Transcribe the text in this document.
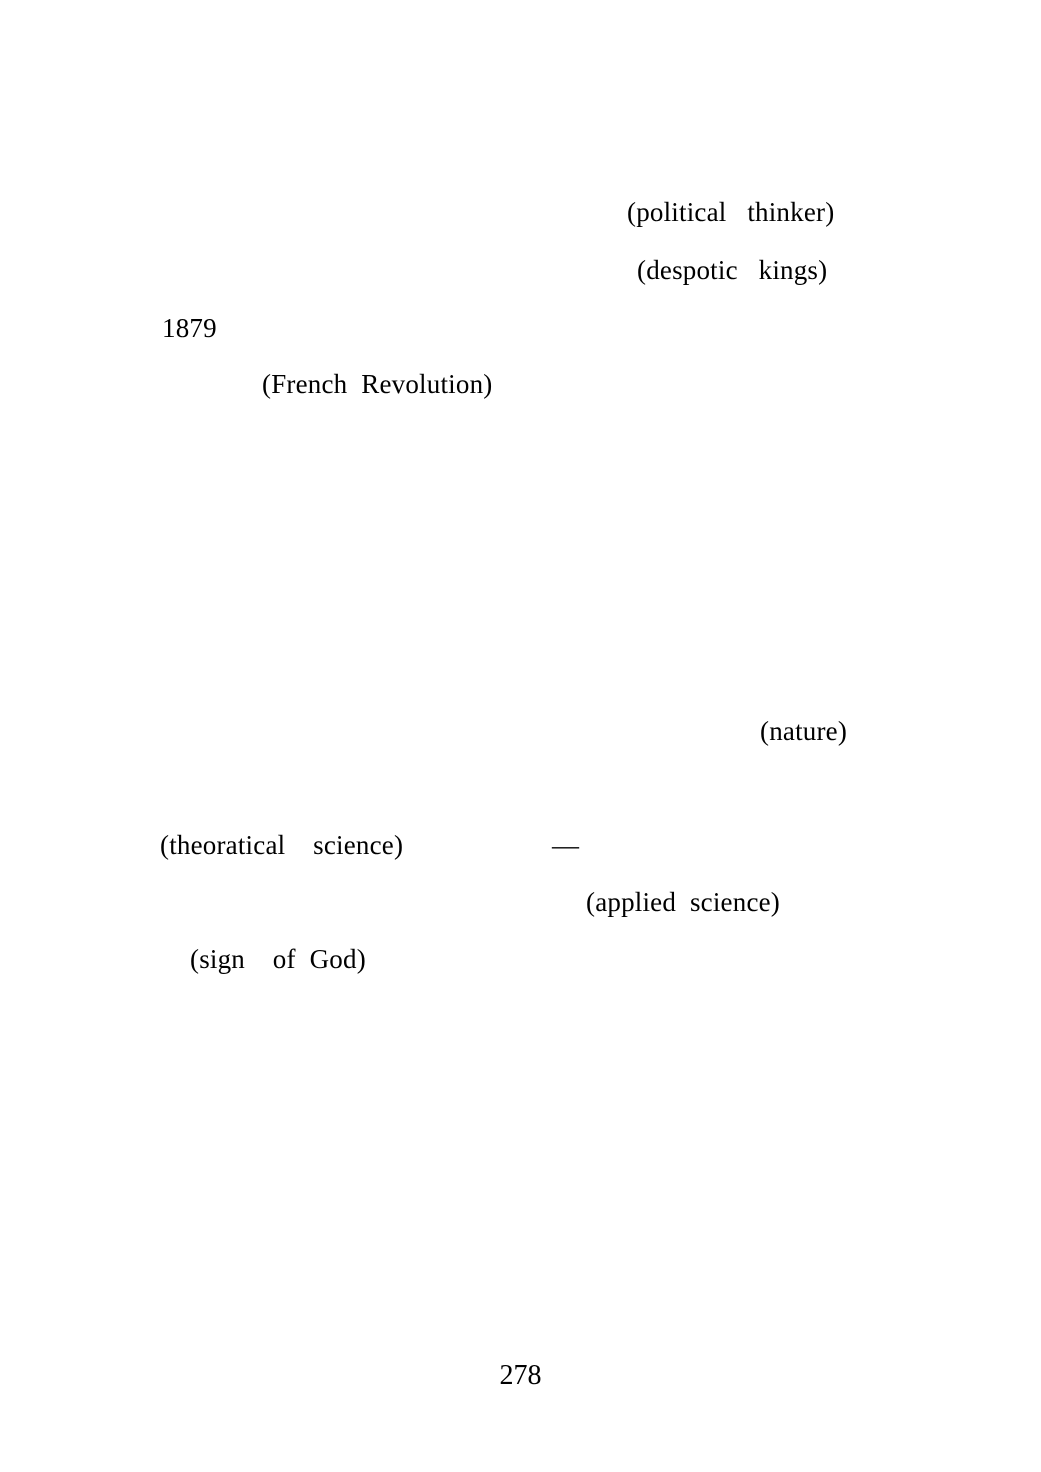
(political   thinker)
(despotic   kings)
1879
(French  Revolution)
(nature)
(theoratical    science)	—
(applied  science)
(sign    of  God)
278
